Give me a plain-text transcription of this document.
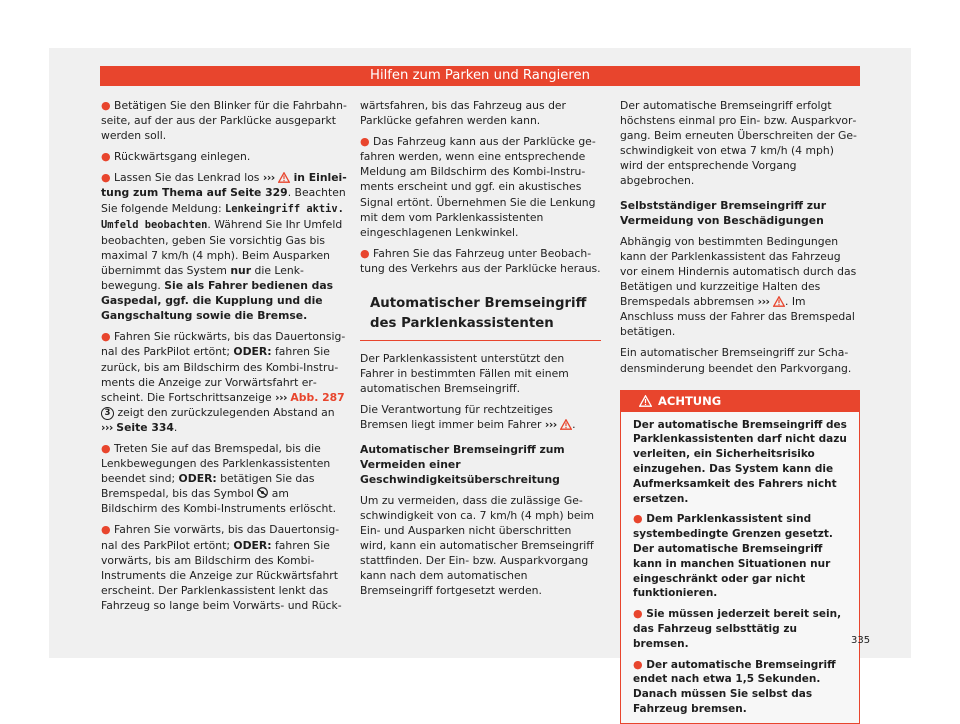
Hilfen zum Parken und Rangieren

● Betätigen Sie den Blinker für die Fahrbahnseite, auf der aus der Parklücke ausgeparkt werden soll.

● Rückwärtsgang einlegen.

● Lassen Sie das Lenkrad los ››› in Einleitung zum Thema auf Seite 329. Beachten Sie folgende Meldung: Lenkeingriff aktiv. Umfeld beobachten. Während Sie Ihr Umfeld beobachten, geben Sie vorsichtig Gas bis maximal 7 km/h (4 mph). Beim Ausparken übernimmt das System nur die Lenkbewegung. Sie als Fahrer bedienen das Gaspedal, ggf. die Kupplung und die Gangschaltung sowie die Bremse.

● Fahren Sie rückwärts, bis das Dauertonsignal des ParkPilot ertönt; ODER: fahren Sie zurück, bis am Bildschirm des Kombi-Instruments die Anzeige zur Vorwärtsfahrt erscheint. Die Fortschrittsanzeige ››› Abb. 287 3 zeigt den zurückzulegenden Abstand an ››› Seite 334.

● Treten Sie auf das Bremspedal, bis die Lenkbewegungen des Parklenkassistenten beendet sind; ODER: betätigen Sie das Bremspedal, bis das Symbol am Bildschirm des Kombi-Instruments erlöscht.

● Fahren Sie vorwärts, bis das Dauertonsignal des ParkPilot ertönt; ODER: fahren Sie vorwärts, bis am Bildschirm des Kombi-Instruments die Anzeige zur Rückwärtsfahrt erscheint. Der Parklenkassistent lenkt das Fahrzeug so lange beim Vorwärts- und Rück-

wärtsfahren, bis das Fahrzeug aus der Parklücke gefahren werden kann.

● Das Fahrzeug kann aus der Parklücke gefahren werden, wenn eine entsprechende Meldung am Bildschirm des Kombi-Instruments erscheint und ggf. ein akustisches Signal ertönt. Übernehmen Sie die Lenkung mit dem vom Parklenkassistenten eingeschlagenen Lenkwinkel.

● Fahren Sie das Fahrzeug unter Beobachtung des Verkehrs aus der Parklücke heraus.

Automatischer Bremseingriff des Parklenkassistenten

Der Parklenkassistent unterstützt den Fahrer in bestimmten Fällen mit einem automatischen Bremseingriff.

Die Verantwortung für rechtzeitiges Bremsen liegt immer beim Fahrer ››› .

Automatischer Bremseingriff zum Vermeiden einer Geschwindigkeitsüberschreitung

Um zu vermeiden, dass die zulässige Geschwindigkeit von ca. 7 km/h (4 mph) beim Ein- und Ausparken nicht überschritten wird, kann ein automatischer Bremseingriff stattfinden. Der Ein- bzw. Ausparkvorgang kann nach dem automatischen Bremseingriff fortgesetzt werden.

Der automatische Bremseingriff erfolgt höchstens einmal pro Ein- bzw. Ausparkvorgang. Beim erneuten Überschreiten der Geschwindigkeit von etwa 7 km/h (4 mph) wird der entsprechende Vorgang abgebrochen.

Selbstständiger Bremseingriff zur Vermeidung von Beschädigungen

Abhängig von bestimmten Bedingungen kann der Parklenkassistent das Fahrzeug vor einem Hindernis automatisch durch das Betätigen und kurzzeitige Halten des Bremspedals abbremsen ››› . Im Anschluss muss der Fahrer das Bremspedal betätigen.

Ein automatischer Bremseingriff zur Schadensminderung beendet den Parkvorgang.

ACHTUNG

Der automatische Bremseingriff des Parklenkassistenten darf nicht dazu verleiten, ein Sicherheitsrisiko einzugehen. Das System kann die Aufmerksamkeit des Fahrers nicht ersetzen.

● Dem Parklenkassistent sind systembedingte Grenzen gesetzt. Der automatische Bremseingriff kann in manchen Situationen nur eingeschränkt oder gar nicht funktionieren.

● Sie müssen jederzeit bereit sein, das Fahrzeug selbsttätig zu bremsen.

● Der automatische Bremseingriff endet nach etwa 1,5 Sekunden. Danach müssen Sie selbst das Fahrzeug bremsen.

335
